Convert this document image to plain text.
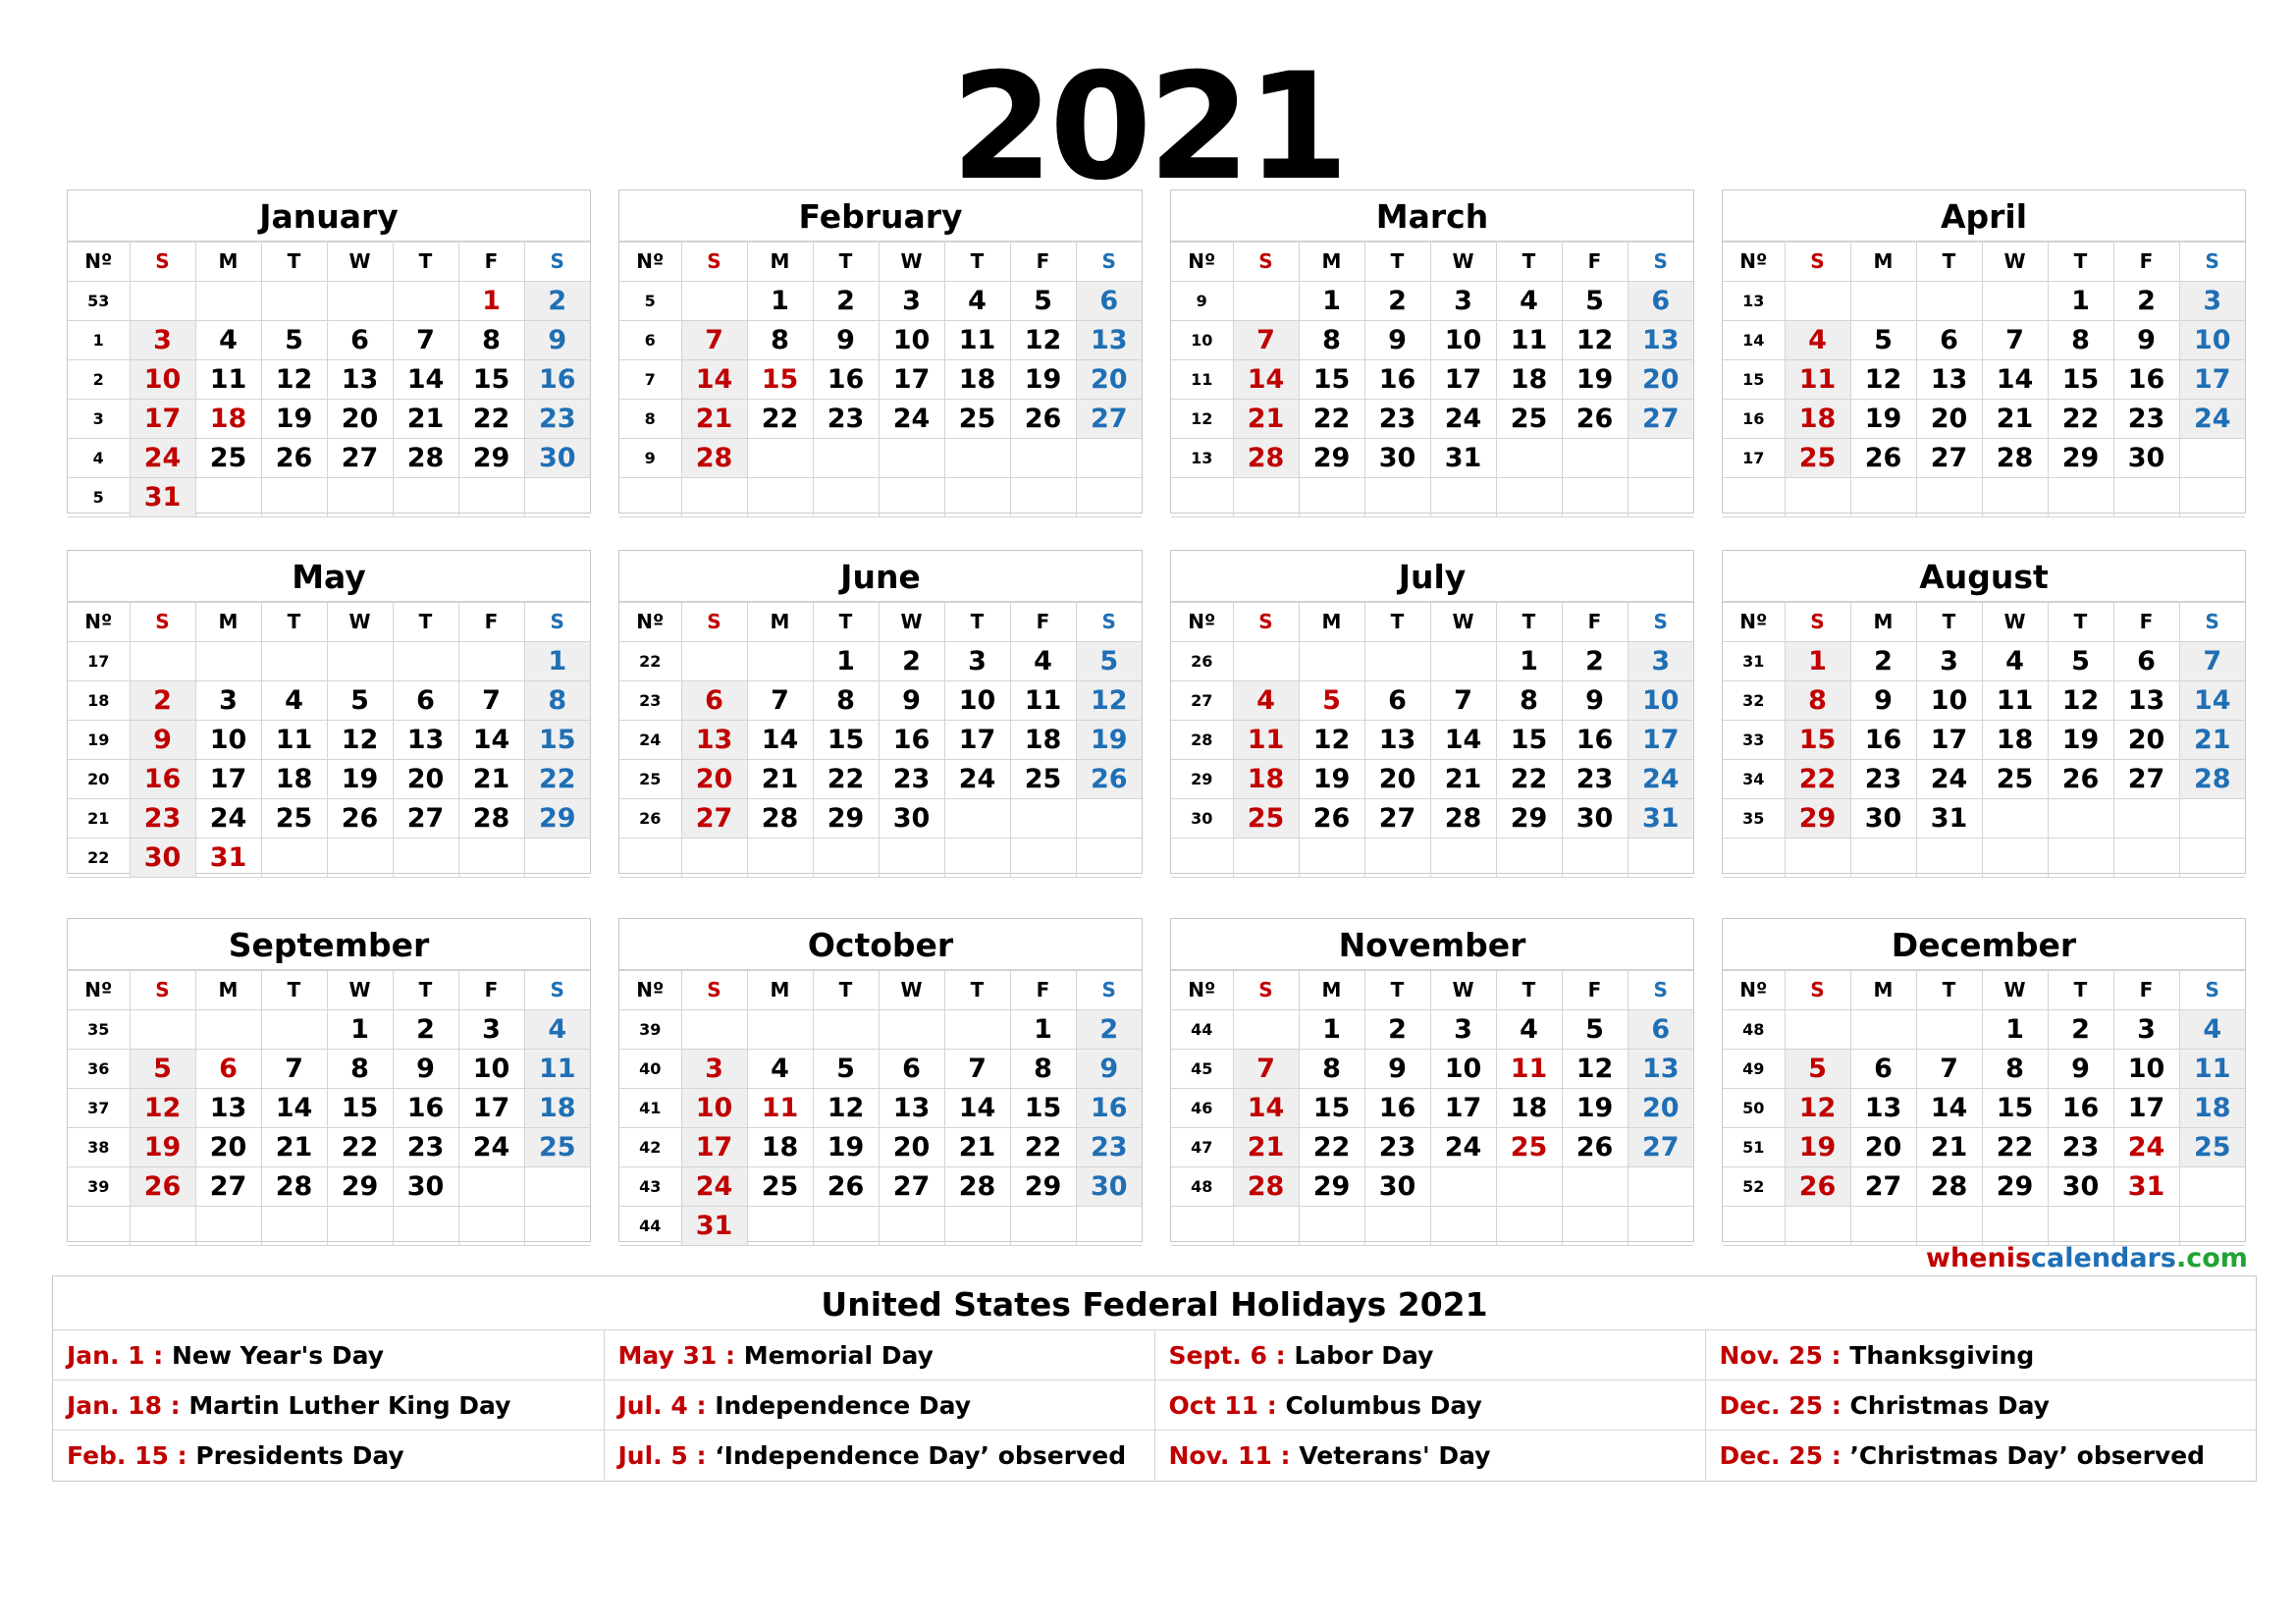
2021
January
Nº	S	M	T	W	T	F	S
53						1	2
1	3	4	5	6	7	8	9
2	10	11	12	13	14	15	16
3	17	18	19	20	21	22	23
4	24	25	26	27	28	29	30
5	31						
February
Nº	S	M	T	W	T	F	S
5		1	2	3	4	5	6
6	7	8	9	10	11	12	13
7	14	15	16	17	18	19	20
8	21	22	23	24	25	26	27
9	28						

March
Nº	S	M	T	W	T	F	S
9		1	2	3	4	5	6
10	7	8	9	10	11	12	13
11	14	15	16	17	18	19	20
12	21	22	23	24	25	26	27
13	28	29	30	31			

April
Nº	S	M	T	W	T	F	S
13					1	2	3
14	4	5	6	7	8	9	10
15	11	12	13	14	15	16	17
16	18	19	20	21	22	23	24
17	25	26	27	28	29	30	

May
Nº	S	M	T	W	T	F	S
17							1
18	2	3	4	5	6	7	8
19	9	10	11	12	13	14	15
20	16	17	18	19	20	21	22
21	23	24	25	26	27	28	29
22	30	31					
June
Nº	S	M	T	W	T	F	S
22			1	2	3	4	5
23	6	7	8	9	10	11	12
24	13	14	15	16	17	18	19
25	20	21	22	23	24	25	26
26	27	28	29	30			

July
Nº	S	M	T	W	T	F	S
26					1	2	3
27	4	5	6	7	8	9	10
28	11	12	13	14	15	16	17
29	18	19	20	21	22	23	24
30	25	26	27	28	29	30	31

August
Nº	S	M	T	W	T	F	S
31	1	2	3	4	5	6	7
32	8	9	10	11	12	13	14
33	15	16	17	18	19	20	21
34	22	23	24	25	26	27	28
35	29	30	31				

September
Nº	S	M	T	W	T	F	S
35				1	2	3	4
36	5	6	7	8	9	10	11
37	12	13	14	15	16	17	18
38	19	20	21	22	23	24	25
39	26	27	28	29	30		

October
Nº	S	M	T	W	T	F	S
39						1	2
40	3	4	5	6	7	8	9
41	10	11	12	13	14	15	16
42	17	18	19	20	21	22	23
43	24	25	26	27	28	29	30
44	31						
November
Nº	S	M	T	W	T	F	S
44		1	2	3	4	5	6
45	7	8	9	10	11	12	13
46	14	15	16	17	18	19	20
47	21	22	23	24	25	26	27
48	28	29	30				

December
Nº	S	M	T	W	T	F	S
48				1	2	3	4
49	5	6	7	8	9	10	11
50	12	13	14	15	16	17	18
51	19	20	21	22	23	24	25
52	26	27	28	29	30	31	

wheniscalendars.com
United States Federal Holidays 2021
Jan. 1 : New Year's Day	May 31 : Memorial Day	Sept. 6 : Labor Day	Nov. 25 : Thanksgiving
Jan. 18 : Martin Luther King Day	Jul. 4 : Independence Day	Oct 11 : Columbus Day	Dec. 25 : Christmas Day
Feb. 15 : Presidents Day	Jul. 5 : ‘Independence Day’ observed	Nov. 11 : Veterans' Day	Dec. 25 : ’Christmas Day’ observed
